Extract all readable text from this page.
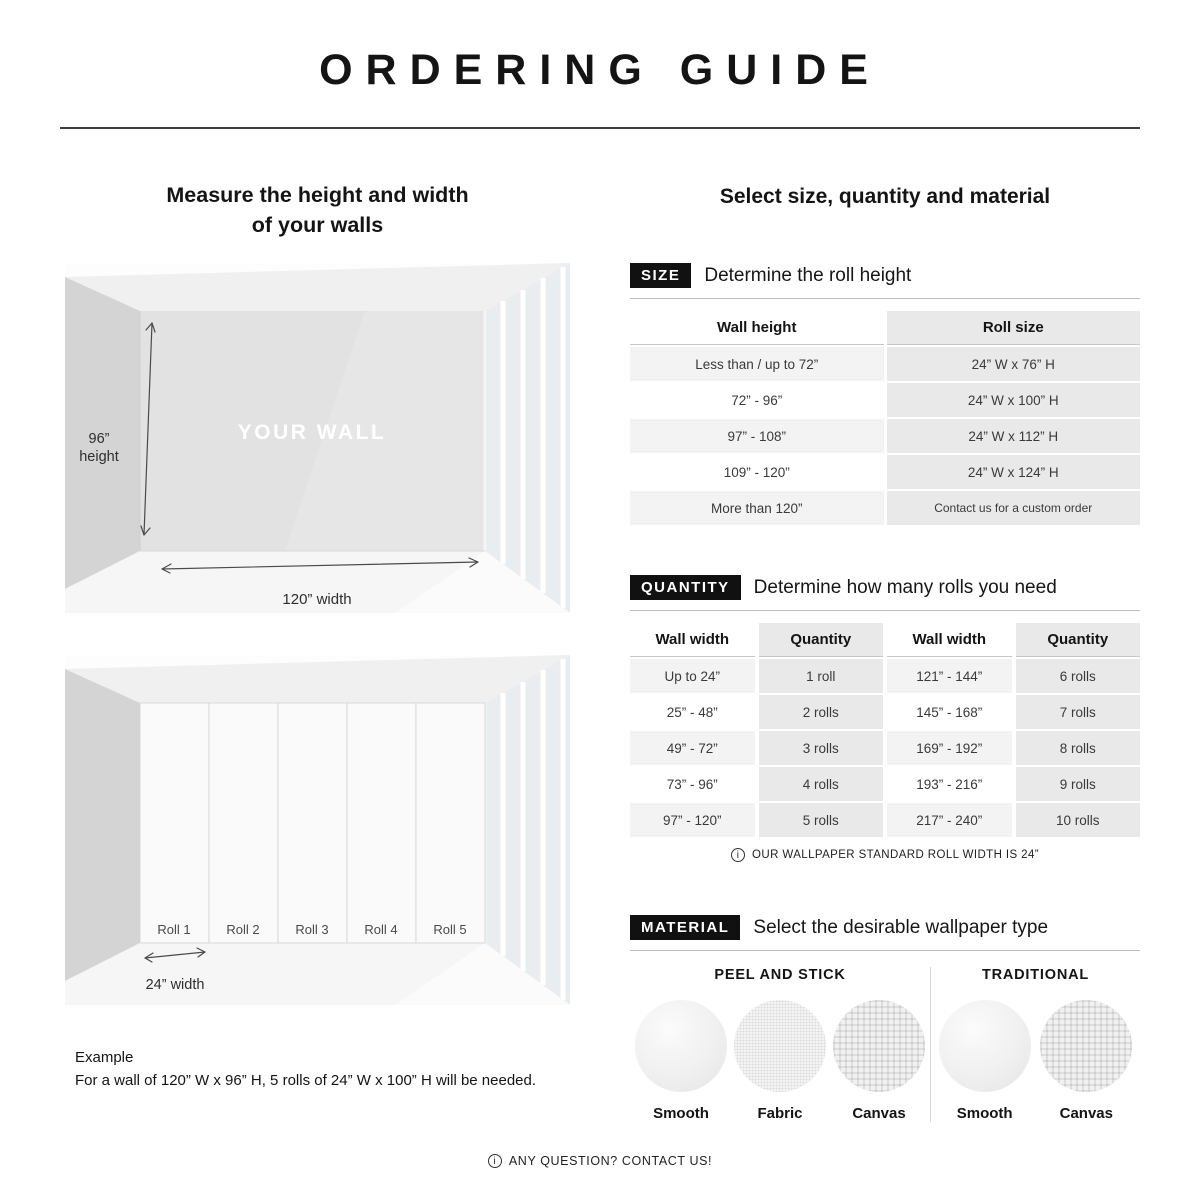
ORDERING GUIDE
Measure the height and width
of your walls
YOUR WALL
96”
height
120” width
Roll 1	Roll 2	Roll 3	Roll 4	Roll 5
24” width
Example
For a wall of 120” W x 96” H, 5 rolls of 24” W x 100” H will be needed.
Select size, quantity and material
SIZE	Determine the roll height
Wall height	Roll size
Less than / up to 72”	24” W x 76” H
72” - 96”	24” W x 100” H
97” - 108”	24” W x 112” H
109” - 120”	24” W x 124” H
More than 120”	Contact us for a custom order
QUANTITY	Determine how many rolls you need
Wall width	Quantity	Wall width	Quantity
Up to 24”	1 roll	121” - 144”	6 rolls
25” - 48”	2 rolls	145” - 168”	7 rolls
49” - 72”	3 rolls	169” - 192”	8 rolls
73” - 96”	4 rolls	193” - 216”	9 rolls
97” - 120”	5 rolls	217” - 240”	10 rolls
i
OUR WALLPAPER STANDARD ROLL WIDTH IS 24”
MATERIAL	Select the desirable wallpaper type
PEEL AND STICK
Smooth	Fabric	Canvas
TRADITIONAL
Smooth	Canvas
i
ANY QUESTION? CONTACT US!
